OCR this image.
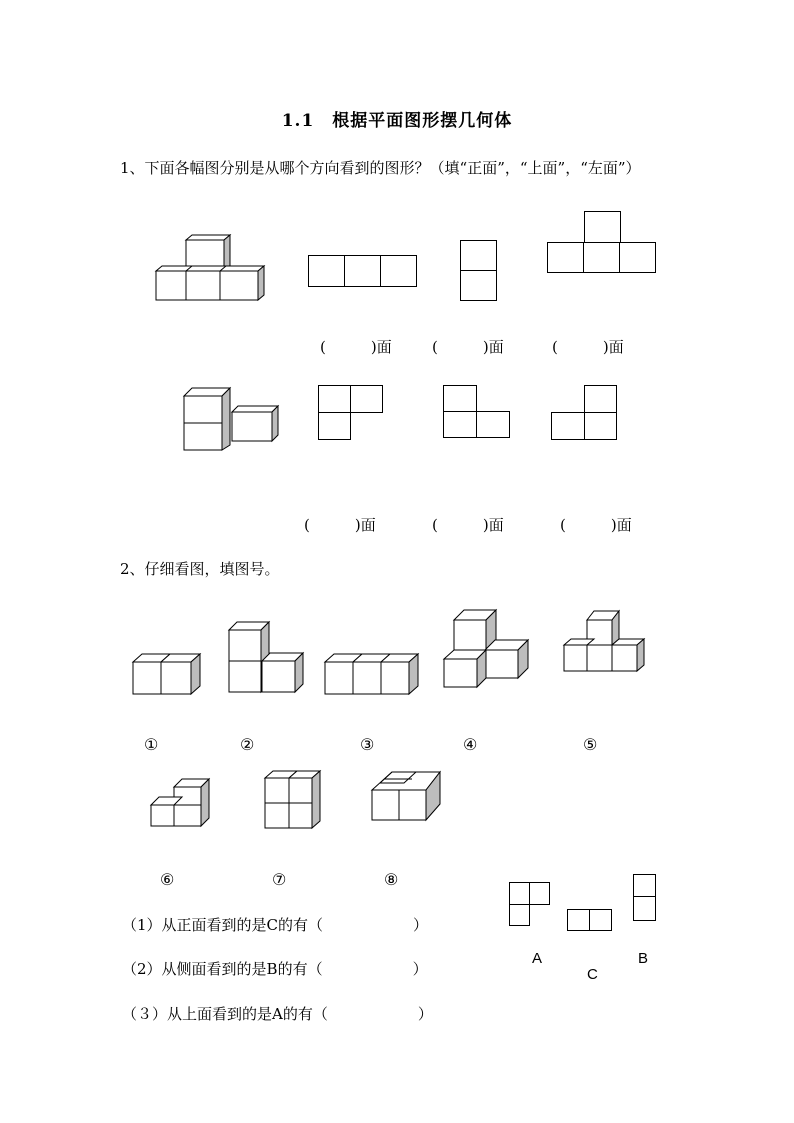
1.1　根据平面图形摆几何体
1、下面各幅图分别是从哪个方向看到的图形？（填“正面”，“上面”，“左面”）
(　　　)面	(　　　)面	(　　　)面
(　　　)面	(　　　)面	(　　　)面
2、仔细看图，填图号。
①	②	③	④	⑤
⑥	⑦	⑧
A
C
B
（1）从正面看到的是C的有（　　　　　　）
（2）从侧面看到的是B的有（　　　　　　）
（３）从上面看到的是A的有（　　　　　　）
